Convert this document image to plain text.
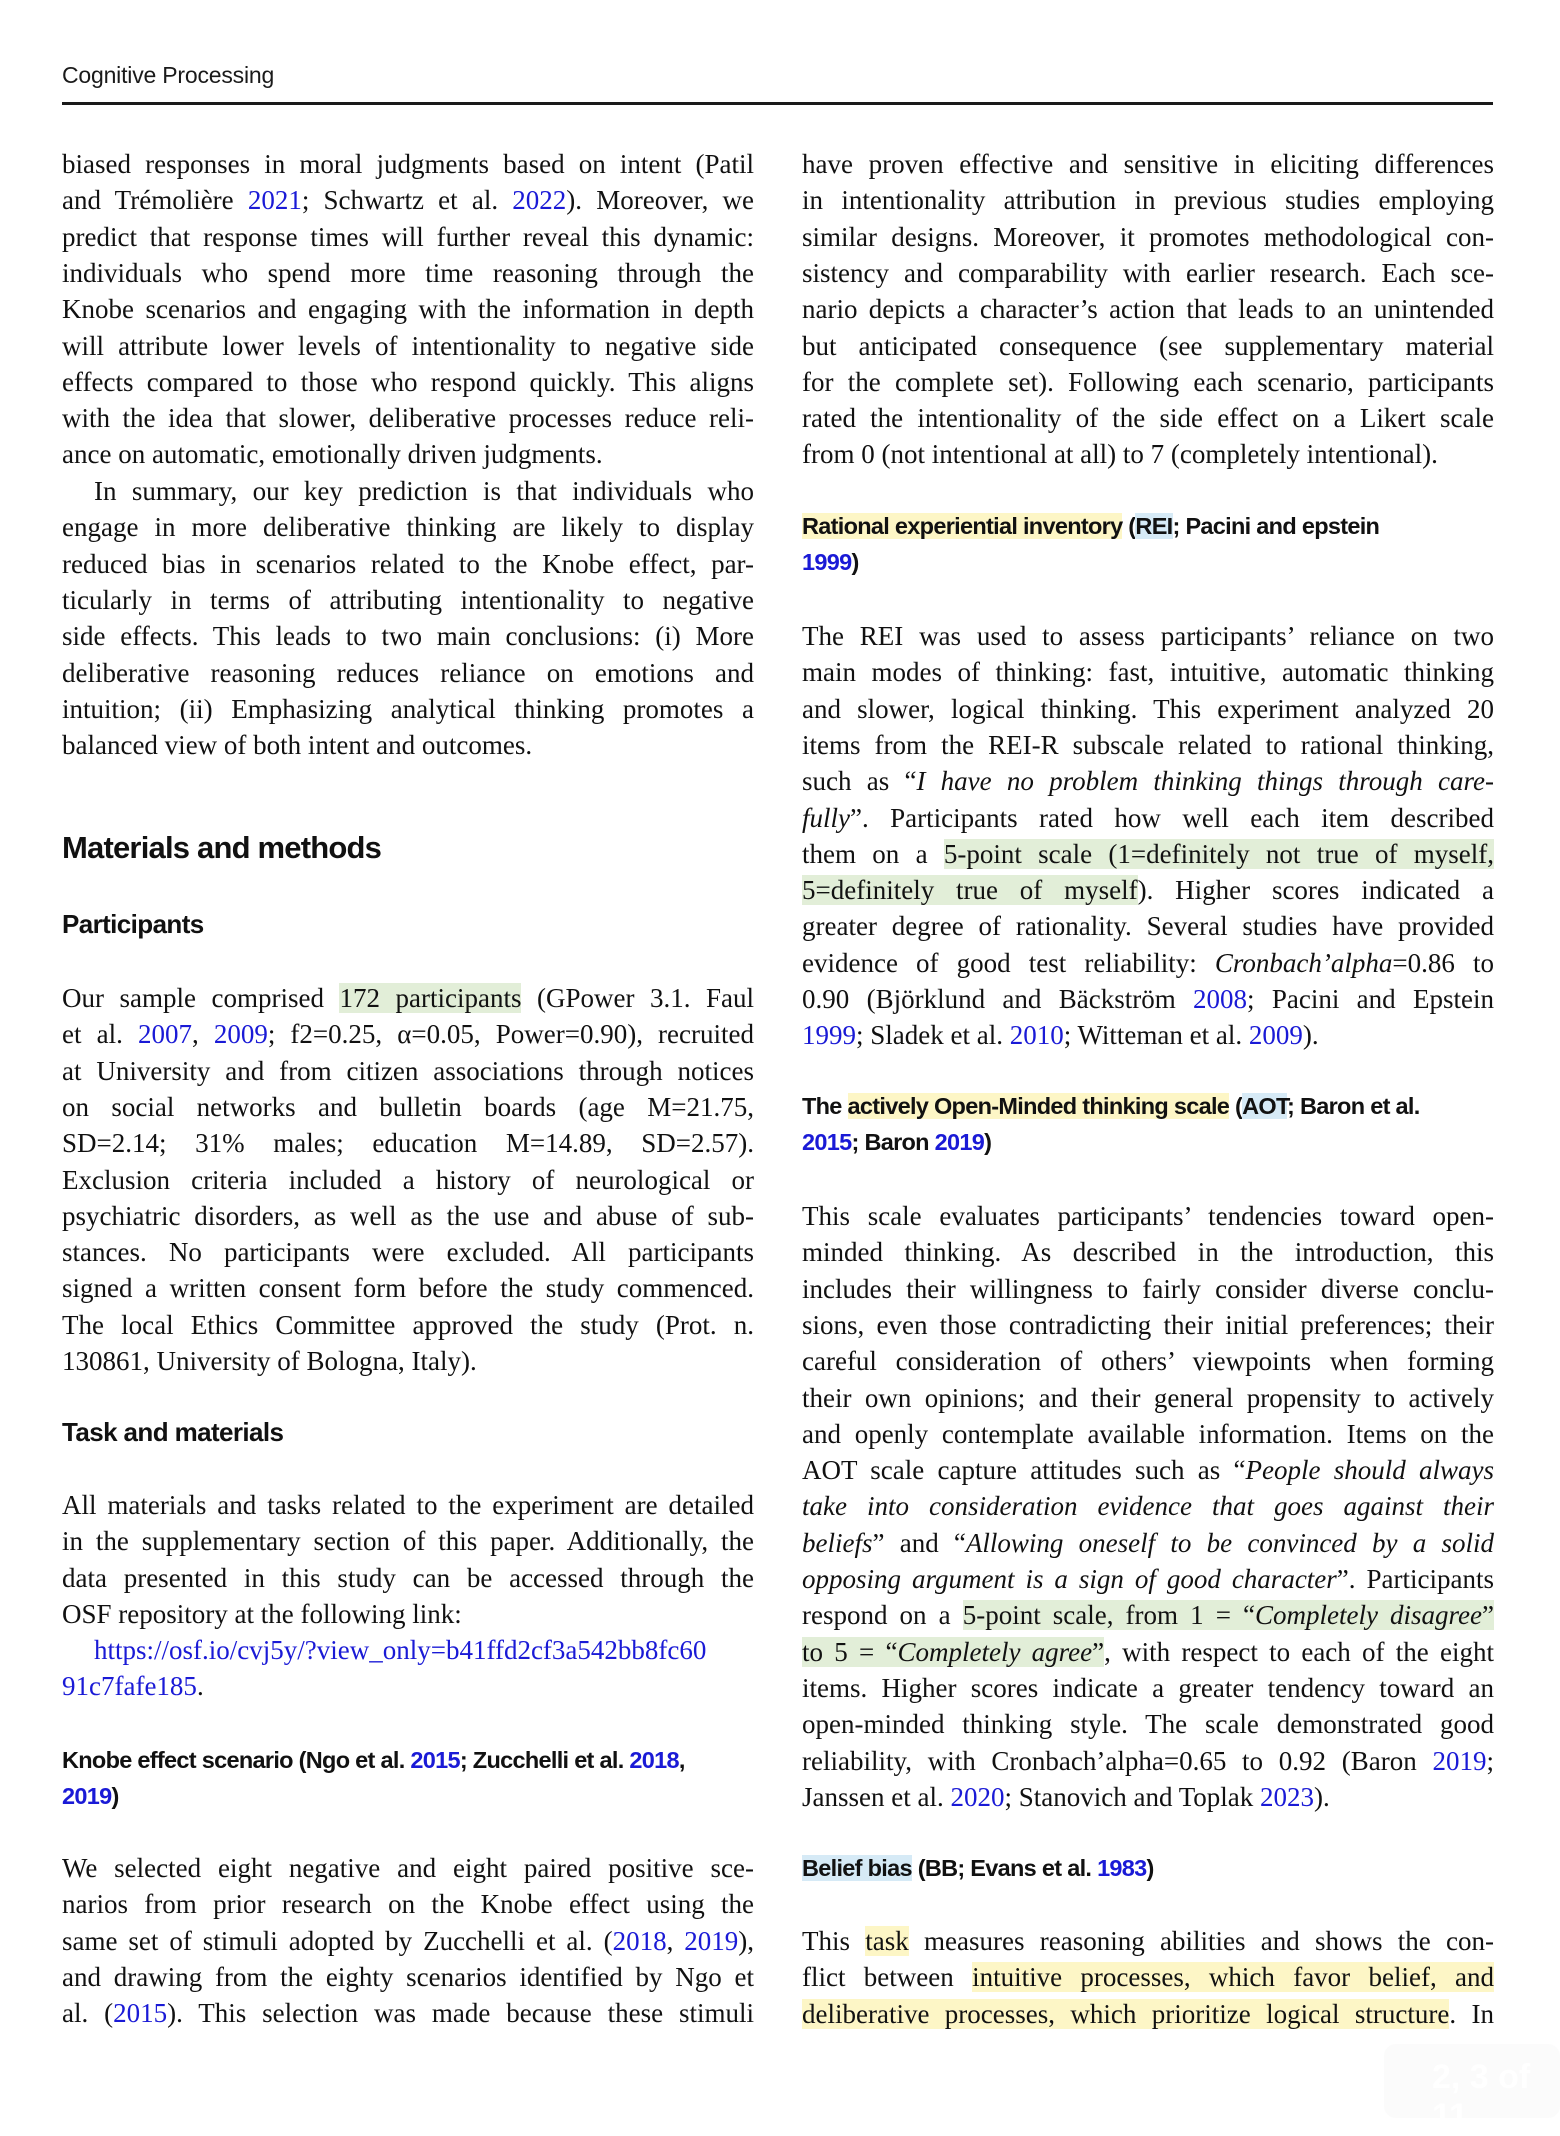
Cognitive Processing
biased responses in moral judgments based on intent (Patil
and Trémolière 2021; Schwartz et al. 2022). Moreover, we
predict that response times will further reveal this dynamic:
individuals who spend more time reasoning through the
Knobe scenarios and engaging with the information in depth
will attribute lower levels of intentionality to negative side
effects compared to those who respond quickly. This aligns
with the idea that slower, deliberative processes reduce reli-
ance on automatic, emotionally driven judgments.
In summary, our key prediction is that individuals who
engage in more deliberative thinking are likely to display
reduced bias in scenarios related to the Knobe effect, par-
ticularly in terms of attributing intentionality to negative
side effects. This leads to two main conclusions: (i) More
deliberative reasoning reduces reliance on emotions and
intuition; (ii) Emphasizing analytical thinking promotes a
balanced view of both intent and outcomes.
Materials and methods
Participants
Our sample comprised 172 participants (GPower 3.1. Faul
et al. 2007, 2009; f2=0.25, α=0.05, Power=0.90), recruited
at University and from citizen associations through notices
on social networks and bulletin boards (age M=21.75,
SD=2.14; 31% males; education M=14.89, SD=2.57).
Exclusion criteria included a history of neurological or
psychiatric disorders, as well as the use and abuse of sub-
stances. No participants were excluded. All participants
signed a written consent form before the study commenced.
The local Ethics Committee approved the study (Prot. n.
130861, University of Bologna, Italy).
Task and materials
All materials and tasks related to the experiment are detailed
in the supplementary section of this paper. Additionally, the
data presented in this study can be accessed through the
OSF repository at the following link:
https://osf.io/cvj5y/?view_only=b41ffd2cf3a542bb8fc60
91c7fafe185.
Knobe effect scenario (Ngo et al. 2015; Zucchelli et al. 2018,
2019)
We selected eight negative and eight paired positive sce-
narios from prior research on the Knobe effect using the
same set of stimuli adopted by Zucchelli et al. (2018, 2019),
and drawing from the eighty scenarios identified by Ngo et
al. (2015). This selection was made because these stimuli
have proven effective and sensitive in eliciting differences
in intentionality attribution in previous studies employing
similar designs. Moreover, it promotes methodological con-
sistency and comparability with earlier research. Each sce-
nario depicts a character’s action that leads to an unintended
but anticipated consequence (see supplementary material
for the complete set). Following each scenario, participants
rated the intentionality of the side effect on a Likert scale
from 0 (not intentional at all) to 7 (completely intentional).
Rational experiential inventory (REI; Pacini and epstein
1999)
The REI was used to assess participants’ reliance on two
main modes of thinking: fast, intuitive, automatic thinking
and slower, logical thinking. This experiment analyzed 20
items from the REI-R subscale related to rational thinking,
such as “I have no problem thinking things through care-
fully”. Participants rated how well each item described
them on a 5-point scale (1=definitely not true of myself,
5=definitely true of myself). Higher scores indicated a
greater degree of rationality. Several studies have provided
evidence of good test reliability: Cronbach’alpha=0.86 to
0.90 (Björklund and Bäckström 2008; Pacini and Epstein
1999; Sladek et al. 2010; Witteman et al. 2009).
The actively Open-Minded thinking scale (AOT; Baron et al.
2015; Baron 2019)
This scale evaluates participants’ tendencies toward open-
minded thinking. As described in the introduction, this
includes their willingness to fairly consider diverse conclu-
sions, even those contradicting their initial preferences; their
careful consideration of others’ viewpoints when forming
their own opinions; and their general propensity to actively
and openly contemplate available information. Items on the
AOT scale capture attitudes such as “People should always
take into consideration evidence that goes against their
beliefs” and “Allowing oneself to be convinced by a solid
opposing argument is a sign of good character”. Participants
respond on a 5-point scale, from 1 = “Completely disagree”
to 5 = “Completely agree”, with respect to each of the eight
items. Higher scores indicate a greater tendency toward an
open-minded thinking style. The scale demonstrated good
reliability, with Cronbach’alpha=0.65 to 0.92 (Baron 2019;
Janssen et al. 2020; Stanovich and Toplak 2023).
Belief bias (BB; Evans et al. 1983)
This task measures reasoning abilities and shows the con-
flict between intuitive processes, which favor belief, and
deliberative processes, which prioritize logical structure. In
2, 3 of 11
